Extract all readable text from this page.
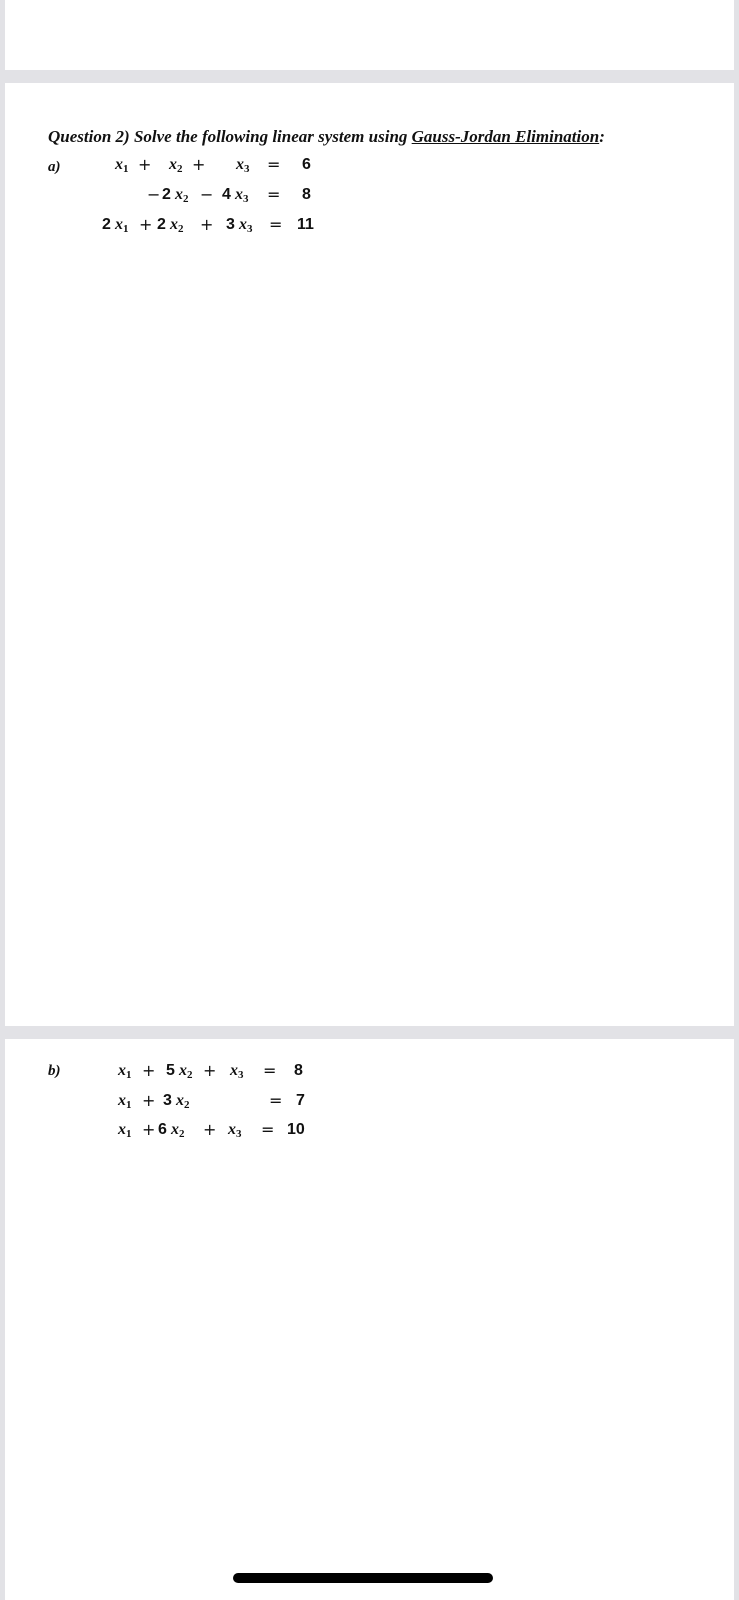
Question 2) Solve the following linear system using Gauss-Jordan Elimination:
a)	$x_1 + x_2 + x_3 = 6$
− 2 $x_2 - 4$ $x_3 = 8$
2 $x_1 + 2$ $x_2 + 3$ $x_3 = 11$
b)	$x_1 + 5$ $x_2 + x_3 = 8$
$x_1 + 3$ $x_2$	= 7
$x_1 + 6$ $x_2 + x_3 = 10$
